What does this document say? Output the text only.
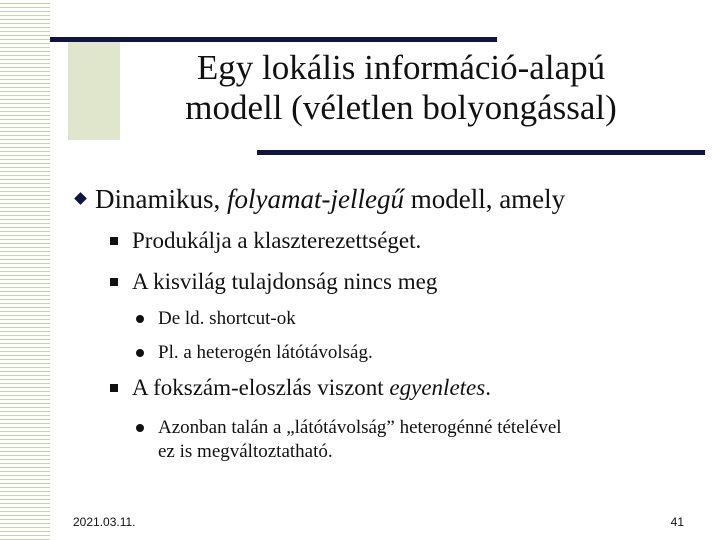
Egy lokális információ-alapú
modell (véletlen bolyongással)
Dinamikus, folyamat-jellegű modell, amely
Produkálja a klaszterezettséget.
A kisvilág tulajdonság nincs meg
De ld. shortcut-ok
Pl. a heterogén látótávolság.
A fokszám-eloszlás viszont egyenletes.
Azonban talán a „látótávolság” heterogénné tételével
ez is megváltoztatható.
2021.03.11.	41
